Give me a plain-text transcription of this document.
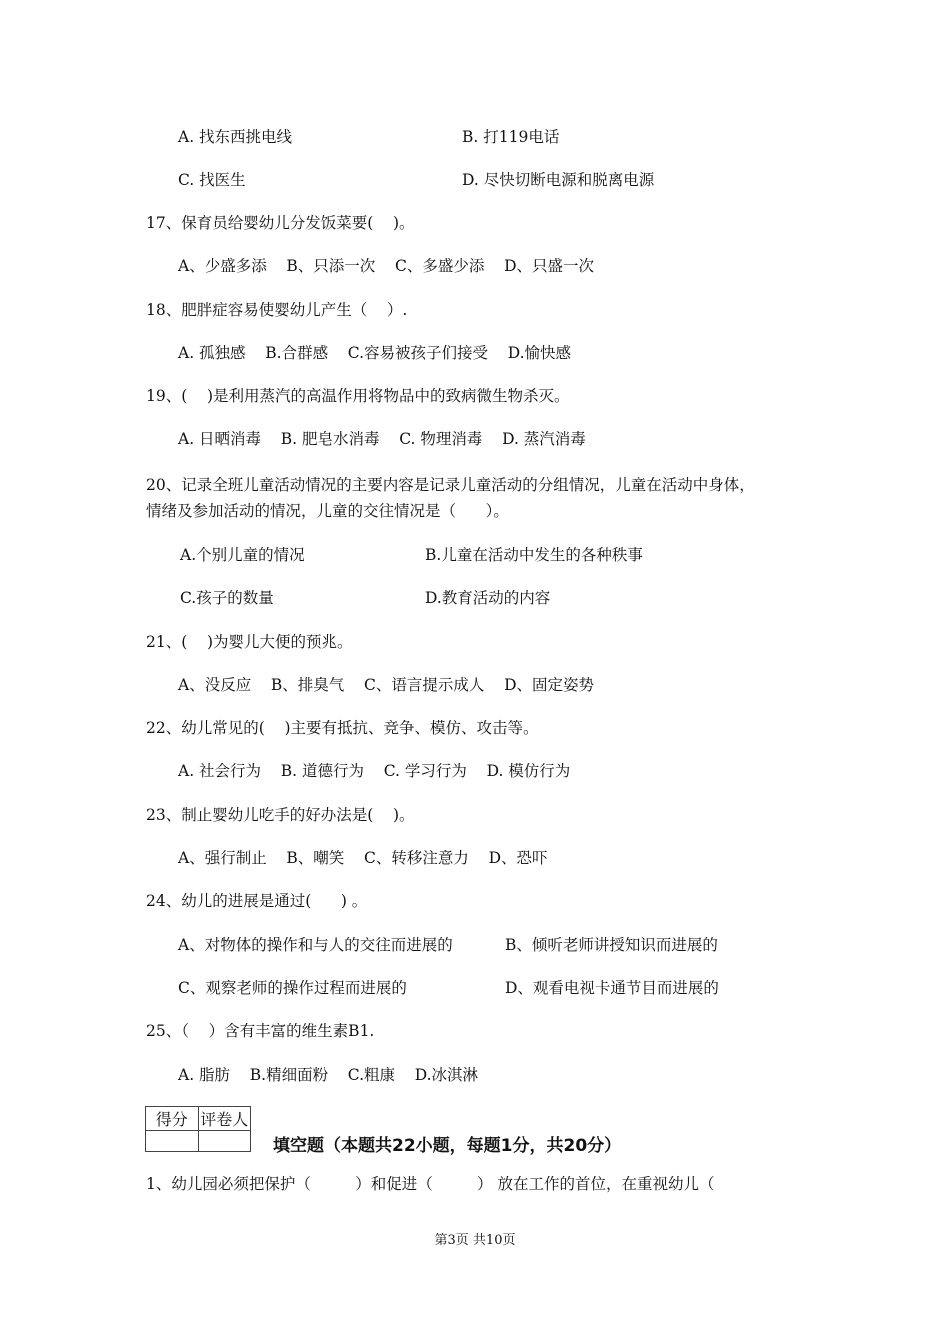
A. 找东西挑电线	B. 打119电话
C. 找医生	D. 尽快切断电源和脱离电源
17、保育员给婴幼儿分发饭菜要(    )。
A、少盛多添    B、只添一次    C、多盛少添    D、只盛一次
18、肥胖症容易使婴幼儿产生（    ）.
A. 孤独感    B.合群感    C.容易被孩子们接受    D.愉快感
19、(    )是利用蒸汽的高温作用将物品中的致病微生物杀灭。
A. 日晒消毒    B. 肥皂水消毒    C. 物理消毒    D. 蒸汽消毒
20、记录全班儿童活动情况的主要内容是记录儿童活动的分组情况，儿童在活动中身体，
情绪及参加活动的情况，儿童的交往情况是（      ）。
A.个别儿童的情况	B.儿童在活动中发生的各种秩事
C.孩子的数量	D.教育活动的内容
21、(    )为婴儿大便的预兆。
A、没反应    B、排臭气    C、语言提示成人    D、固定姿势
22、幼儿常见的(    )主要有抵抗、竞争、模仿、攻击等。
A. 社会行为    B. 道德行为    C. 学习行为    D. 模仿行为
23、制止婴幼儿吃手的好办法是(    )。
A、强行制止    B、嘲笑    C、转移注意力    D、恐吓
24、幼儿的进展是通过(      ) 。
A、对物体的操作和与人的交往而进展的	B、倾听老师讲授知识而进展的
C、观察老师的操作过程而进展的	D、观看电视卡通节目而进展的
25、（    ）含有丰富的维生素B1.
A. 脂肪    B.精细面粉    C.粗康    D.冰淇淋
得分	评卷人

填空题（本题共22小题，每题1分，共20分）
1、幼儿园必须把保护（         ）和促进（         ） 放在工作的首位，在重视幼儿（
第3页 共10页
